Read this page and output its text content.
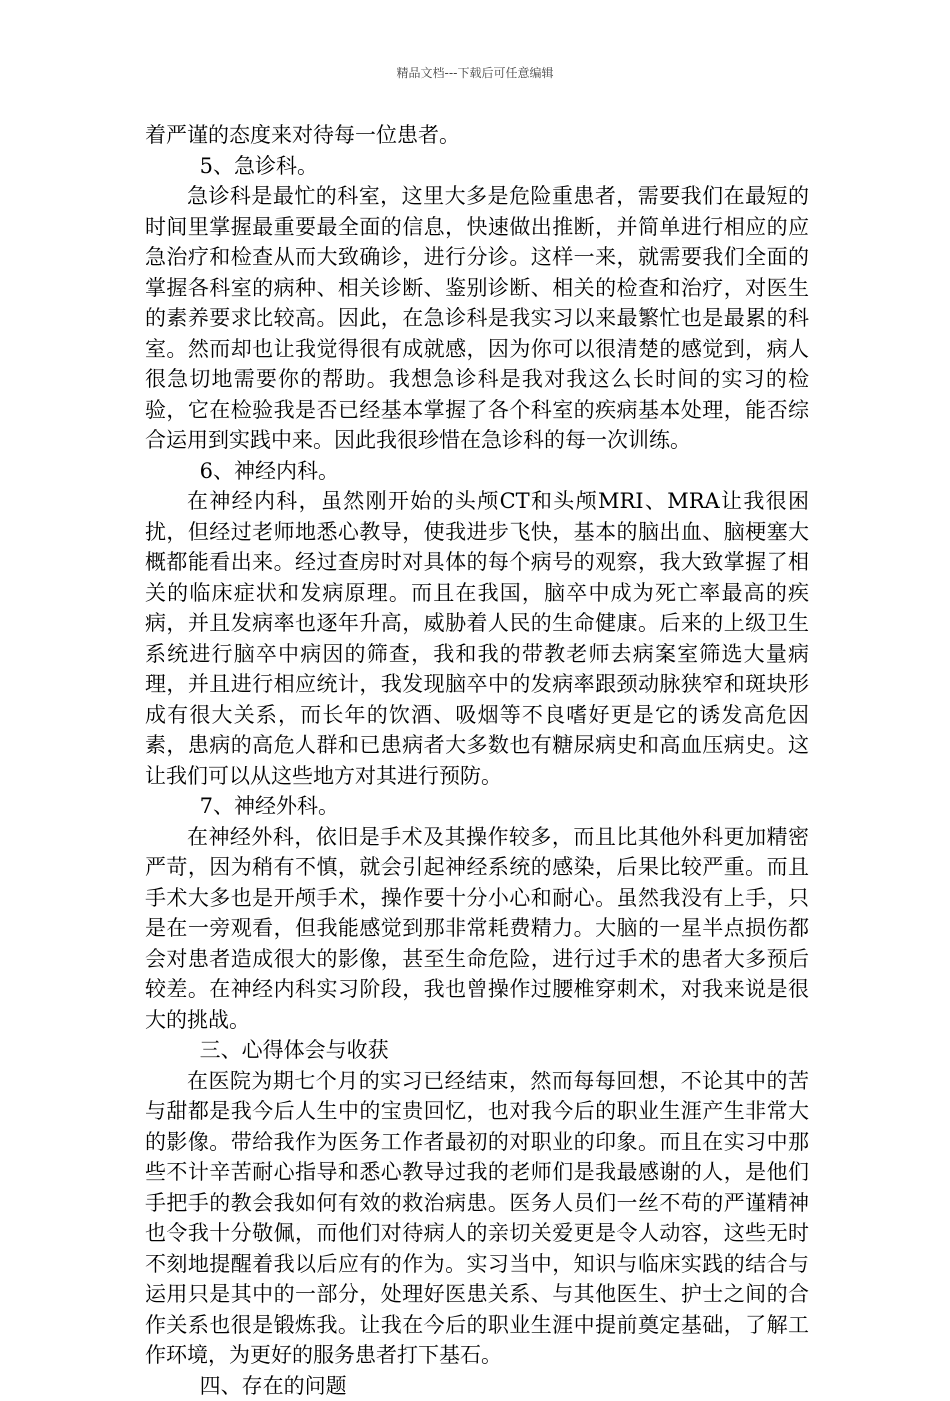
精品文档---下载后可任意编辑

着严谨的态度来对待每一位患者。

5、急诊科。

急诊科是最忙的科室，这里大多是危险重患者，需要我们在最短的时间里掌握最重要最全面的信息，快速做出推断，并简单进行相应的应急治疗和检查从而大致确诊，进行分诊。这样一来，就需要我们全面的掌握各科室的病种、相关诊断、鉴别诊断、相关的检查和治疗，对医生的素养要求比较高。因此，在急诊科是我实习以来最繁忙也是最累的科室。然而却也让我觉得很有成就感，因为你可以很清楚的感觉到，病人很急切地需要你的帮助。我想急诊科是我对我这么长时间的实习的检验，它在检验我是否已经基本掌握了各个科室的疾病基本处理，能否综合运用到实践中来。因此我很珍惜在急诊科的每一次训练。

6、神经内科。

在神经内科，虽然刚开始的头颅CT和头颅MRI、MRA让我很困扰，但经过老师地悉心教导，使我进步飞快，基本的脑出血、脑梗塞大概都能看出来。经过查房时对具体的每个病号的观察，我大致掌握了相关的临床症状和发病原理。而且在我国，脑卒中成为死亡率最高的疾病，并且发病率也逐年升高，威胁着人民的生命健康。后来的上级卫生系统进行脑卒中病因的筛查，我和我的带教老师去病案室筛选大量病理，并且进行相应统计，我发现脑卒中的发病率跟颈动脉狭窄和斑块形成有很大关系，而长年的饮酒、吸烟等不良嗜好更是它的诱发高危因素，患病的高危人群和已患病者大多数也有糖尿病史和高血压病史。这让我们可以从这些地方对其进行预防。

7、神经外科。

在神经外科，依旧是手术及其操作较多，而且比其他外科更加精密严苛，因为稍有不慎，就会引起神经系统的感染，后果比较严重。而且手术大多也是开颅手术，操作要十分小心和耐心。虽然我没有上手，只是在一旁观看，但我能感觉到那非常耗费精力。大脑的一星半点损伤都会对患者造成很大的影像，甚至生命危险，进行过手术的患者大多预后较差。在神经内科实习阶段，我也曾操作过腰椎穿刺术，对我来说是很大的挑战。

三、心得体会与收获

在医院为期七个月的实习已经结束，然而每每回想，不论其中的苦与甜都是我今后人生中的宝贵回忆，也对我今后的职业生涯产生非常大的影像。带给我作为医务工作者最初的对职业的印象。而且在实习中那些不计辛苦耐心指导和悉心教导过我的老师们是我最感谢的人，是他们手把手的教会我如何有效的救治病患。医务人员们一丝不苟的严谨精神也令我十分敬佩，而他们对待病人的亲切关爱更是令人动容，这些无时不刻地提醒着我以后应有的作为。实习当中，知识与临床实践的结合与运用只是其中的一部分，处理好医患关系、与其他医生、护士之间的合作关系也很是锻炼我。让我在今后的职业生涯中提前奠定基础，了解工作环境，为更好的服务患者打下基石。

四、存在的问题
